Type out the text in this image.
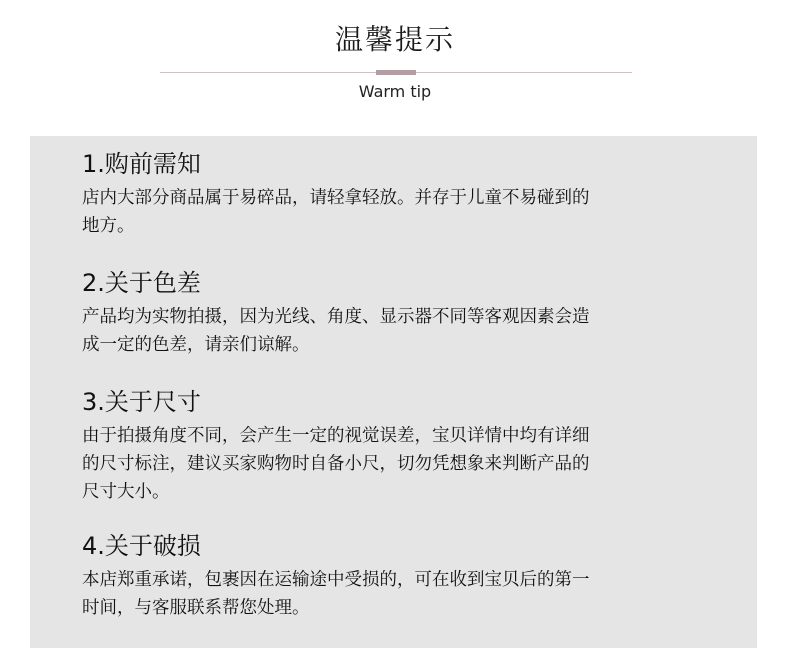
温馨提示
Warm tip
1.购前需知
店内大部分商品属于易碎品，请轻拿轻放。并存于儿童不易碰到的
地方。
2.关于色差
产品均为实物拍摄，因为光线、角度、显示器不同等客观因素会造
成一定的色差，请亲们谅解。
3.关于尺寸
由于拍摄角度不同，会产生一定的视觉误差，宝贝详情中均有详细
的尺寸标注，建议买家购物时自备小尺，切勿凭想象来判断产品的
尺寸大小。
4.关于破损
本店郑重承诺，包裹因在运输途中受损的，可在收到宝贝后的第一
时间，与客服联系帮您处理。
